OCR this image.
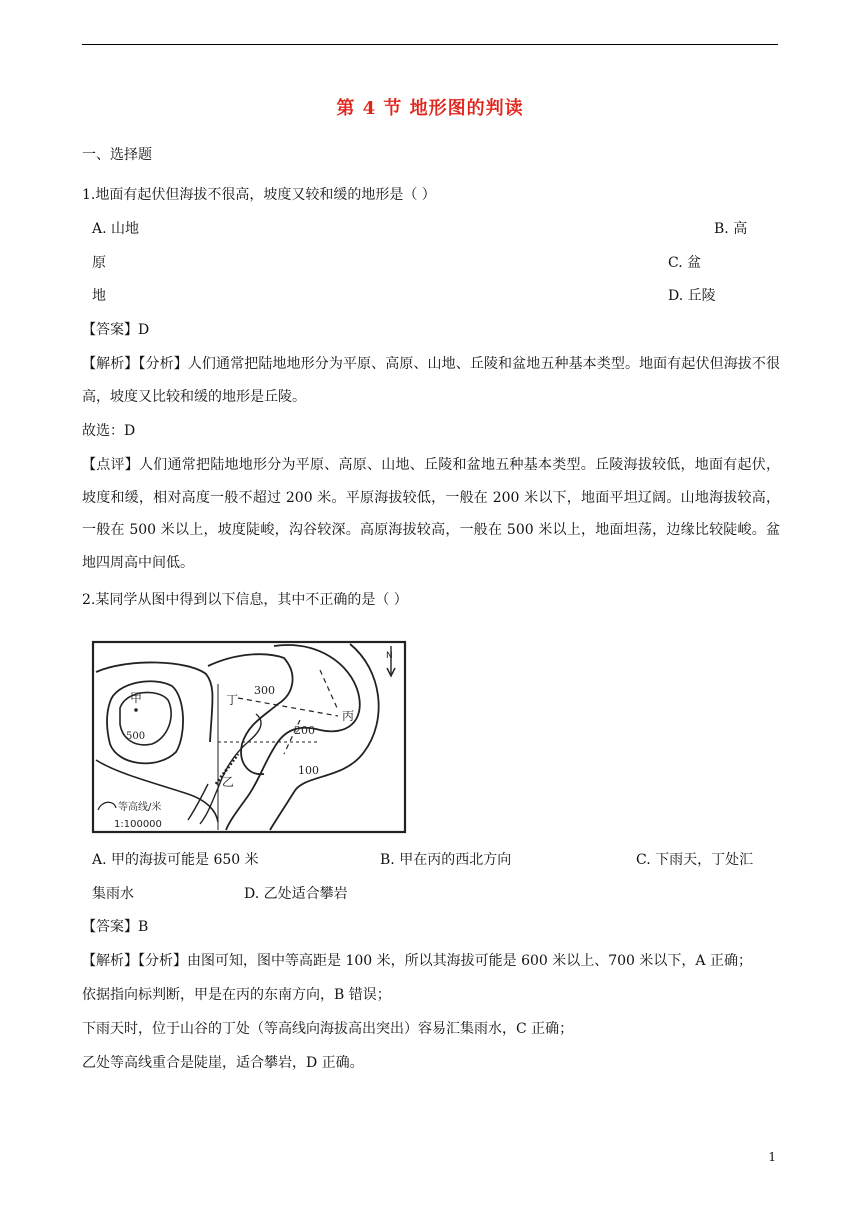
第 4 节 地形图的判读
一、选择题
1.地面有起伏但海拔不很高，坡度又较和缓的地形是（ ）
A. 山地	B. 高
原	C. 盆
地	D. 丘陵
【答案】D
【解析】【分析】人们通常把陆地地形分为平原、高原、山地、丘陵和盆地五种基本类型。地面有起伏但海拔不很高，坡度又比较和缓的地形是丘陵。
故选：D
【点评】人们通常把陆地地形分为平原、高原、山地、丘陵和盆地五种基本类型。丘陵海拔较低，地面有起伏，坡度和缓，相对高度一般不超过 200 米。平原海拔较低，一般在 200 米以下，地面平坦辽阔。山地海拔较高，一般在 500 米以上，坡度陡峻，沟谷较深。高原海拔较高，一般在 500 米以上，地面坦荡，边缘比较陡峻。盆地四周高中间低。
2.某同学从图中得到以下信息，其中不正确的是（ ）
N
甲
乙
丙
丁
500
300
200
100
等高线/米
1:100000
A. 甲的海拔可能是 650 米	B. 甲在丙的西北方向	C. 下雨天，丁处汇
集雨水	D. 乙处适合攀岩
【答案】B
【解析】【分析】由图可知，图中等高距是 100 米，所以其海拔可能是 600 米以上、700 米以下，A 正确；
依据指向标判断，甲是在丙的东南方向，B 错误；
下雨天时，位于山谷的丁处（等高线向海拔高出突出）容易汇集雨水，C 正确；
乙处等高线重合是陡崖，适合攀岩，D 正确。
1
